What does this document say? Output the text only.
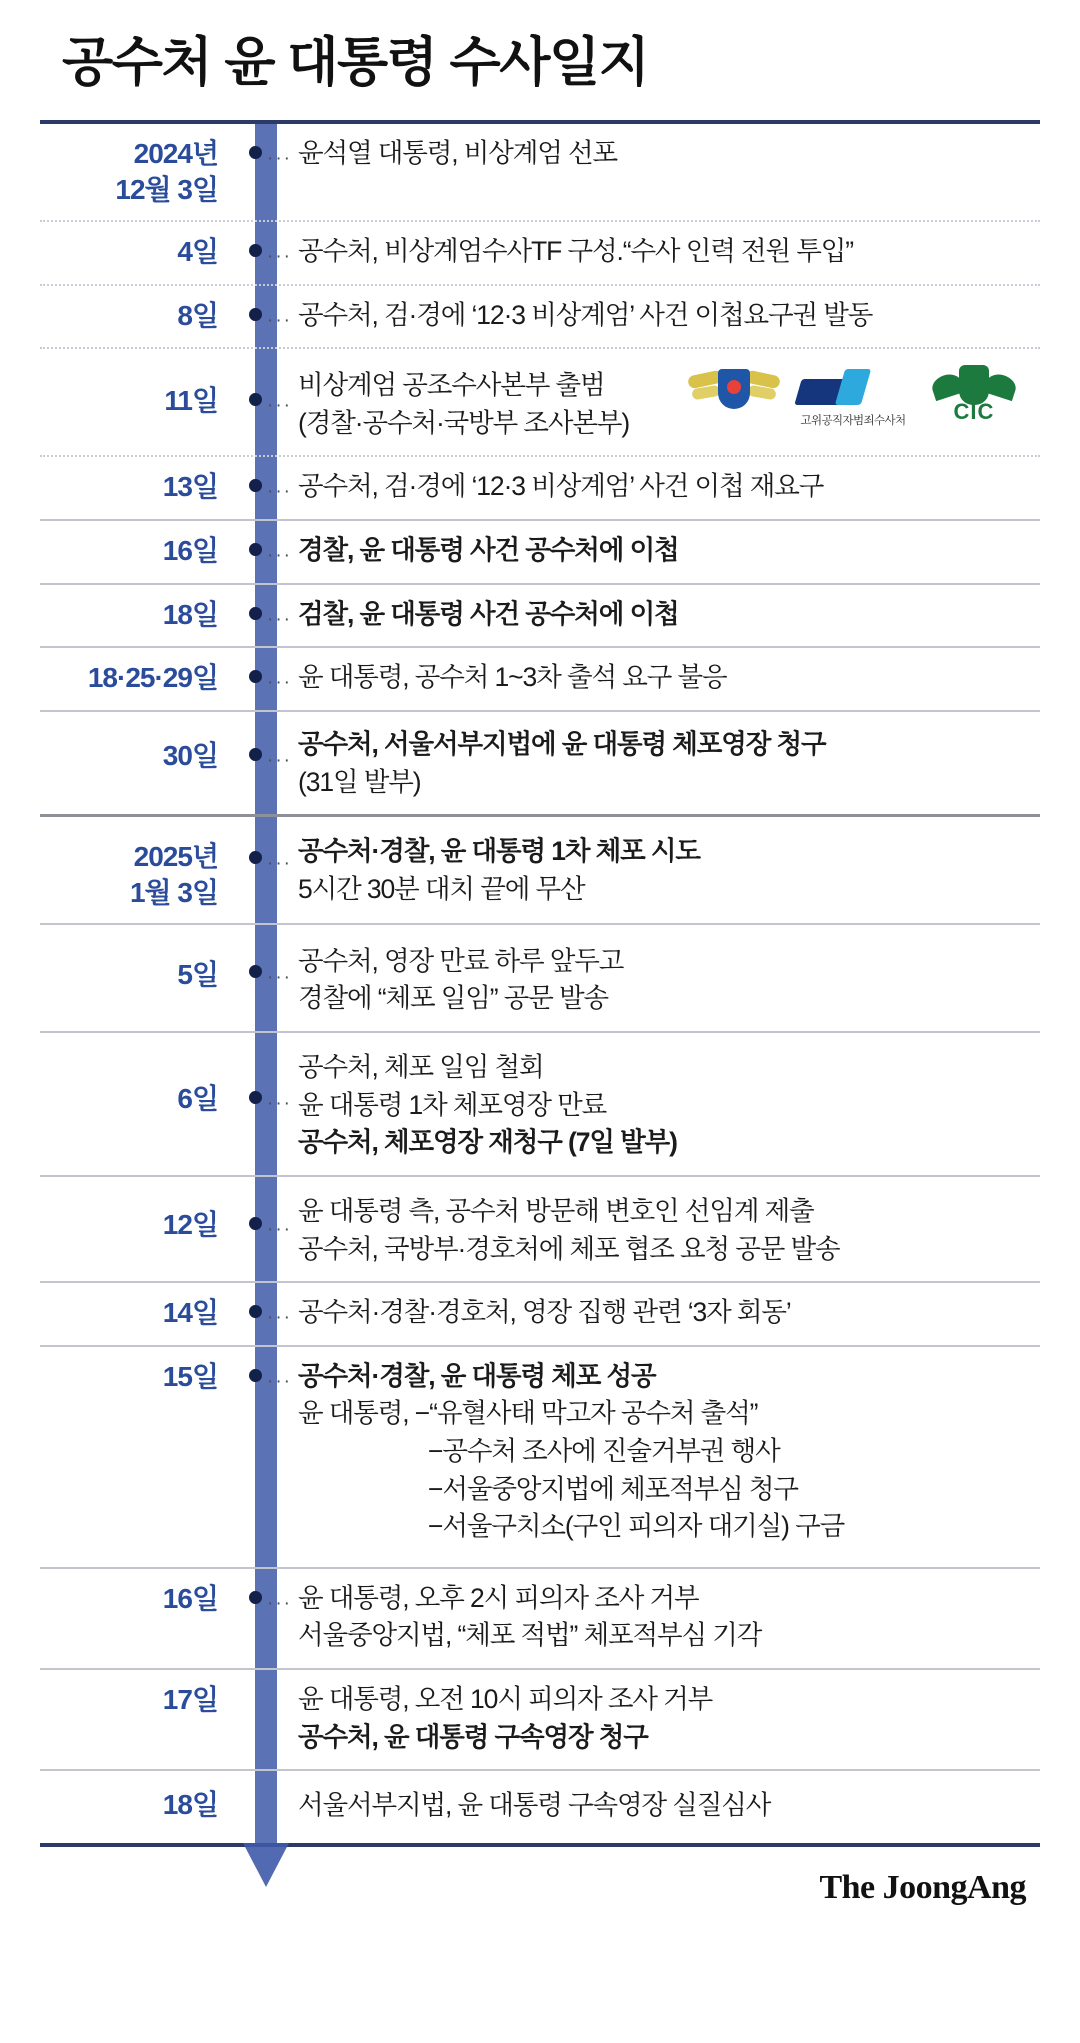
공수처 윤 대통령 수사일지
2024년
12월 3일
··· 윤석열 대통령, 비상계엄 선포
4일	··· 공수처, 비상계엄수사TF 구성.“수사 인력 전원 투입”
8일	··· 공수처, 검·경에 ‘12·3 비상계엄’ 사건 이첩요구권 발동
11일	···
비상계엄 공조수사본부 출범
(경찰·공수처·국방부 조사본부)	고위공직자범죄수사처	CIC
13일	··· 공수처, 검·경에 ‘12·3 비상계엄’ 사건 이첩 재요구
16일	··· 경찰, 윤 대통령 사건 공수처에 이첩
18일	··· 검찰, 윤 대통령 사건 공수처에 이첩
18·25·29일	··· 윤 대통령, 공수처 1~3차 출석 요구 불응
30일	···
공수처, 서울서부지법에 윤 대통령 체포영장 청구
(31일 발부)
2025년
1월 3일
··· 공수처·경찰, 윤 대통령 1차 체포 시도
5시간 30분 대치 끝에 무산
5일	···
공수처, 영장 만료 하루 앞두고
경찰에 “체포 일임” 공문 발송
6일	···
공수처, 체포 일임 철회
윤 대통령 1차 체포영장 만료
공수처, 체포영장 재청구 (7일 발부)
12일	···
윤 대통령 측, 공수처 방문해 변호인 선임계 제출
공수처, 국방부·경호처에 체포 협조 요청 공문 발송
14일	··· 공수처·경찰·경호처, 영장 집행 관련 ‘3자 회동’
15일	··· 공수처·경찰, 윤 대통령 체포 성공
윤 대통령, −“유혈사태 막고자 공수처 출석”
−공수처 조사에 진술거부권 행사
−서울중앙지법에 체포적부심 청구
−서울구치소(구인 피의자 대기실) 구금
16일	··· 윤 대통령, 오후 2시 피의자 조사 거부
서울중앙지법, “체포 적법” 체포적부심 기각
17일	윤 대통령, 오전 10시 피의자 조사 거부
공수처, 윤 대통령 구속영장 청구
18일	서울서부지법, 윤 대통령 구속영장 실질심사
The JoongAng
